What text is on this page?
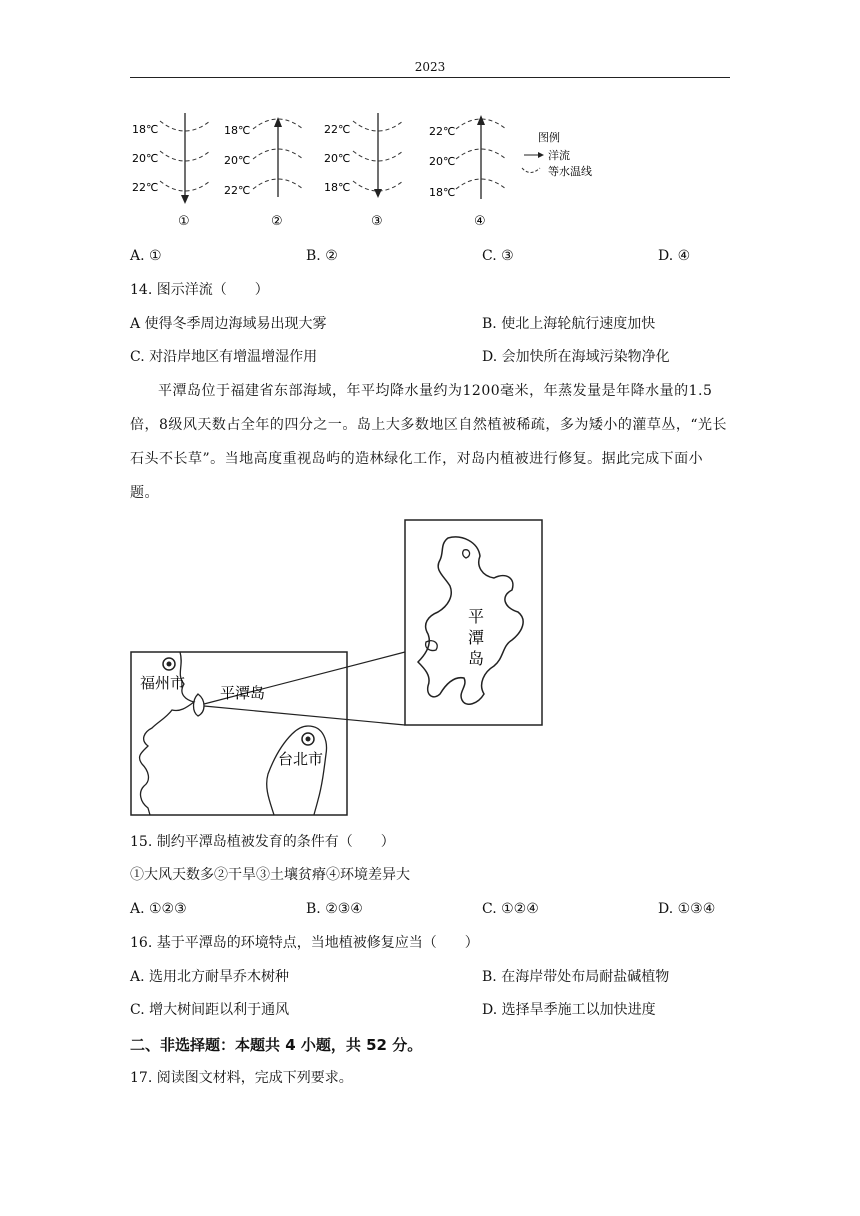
2023
18℃
20℃
22℃
①
18℃
20℃
22℃
②
22℃
20℃
18℃
③
22℃
20℃
18℃
④
图例
洋流
等水温线
A. ①	B. ②	C. ③	D. ④
14. 图示洋流（　　）
A 使得冬季周边海域易出现大雾	B. 使北上海轮航行速度加快
C. 对沿岸地区有增温增湿作用	D. 会加快所在海域污染物净化
平潭岛位于福建省东部海域，年平均降水量约为1200毫米，年蒸发量是年降水量的1.5倍，8级风天数占全年的四分之一。岛上大多数地区自然植被稀疏，多为矮小的灌草丛，“光长石头不长草”。当地高度重视岛屿的造林绿化工作，对岛内植被进行修复。据此完成下面小题。
福州市
平潭岛
台北市
平
潭
岛
15. 制约平潭岛植被发育的条件有（　　）
①大风天数多②干旱③土壤贫瘠④环境差异大
A. ①②③	B. ②③④	C. ①②④	D. ①③④
16. 基于平潭岛的环境特点，当地植被修复应当（　　）
A. 选用北方耐旱乔木树种	B. 在海岸带处布局耐盐碱植物
C. 增大树间距以利于通风	D. 选择旱季施工以加快进度
二、非选择题：本题共 4 小题，共 52 分。
17. 阅读图文材料，完成下列要求。
